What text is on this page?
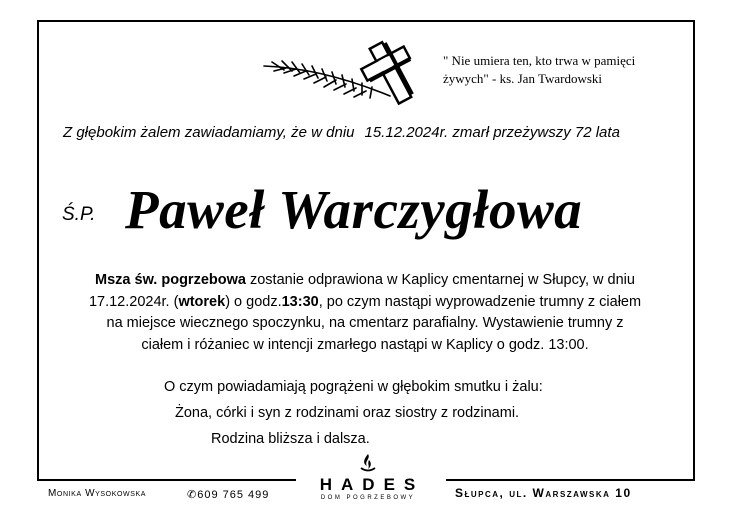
" Nie umiera ten, kto trwa w pamięci
żywych" - ks. Jan Twardowski
Z głębokim żalem zawiadamiamy, że w dniu 15.12.2024r. zmarł przeżywszy 72 lata
Ś.P. Paweł Warczygłowa
Msza św. pogrzebowa zostanie odprawiona w Kaplicy cmentarnej w Słupcy, w dniu
17.12.2024r. (wtorek) o godz.13:30, po czym nastąpi wyprowadzenie trumny z ciałem
na miejsce wiecznego spoczynku, na cmentarz parafialny. Wystawienie trumny z
ciałem i różaniec w intencji zmarłego nastąpi w Kaplicy o godz. 13:00.
O czym powiadamiają pogrążeni w głębokim smutku i żalu:
Żona, córki i syn z rodzinami oraz siostry z rodzinami.
Rodzina bliższa i dalsza.
Monika Wysokowska	✆609 765 499
HADES
DOM POGRZEBOWY	Słupca, ul. Warszawska 10
